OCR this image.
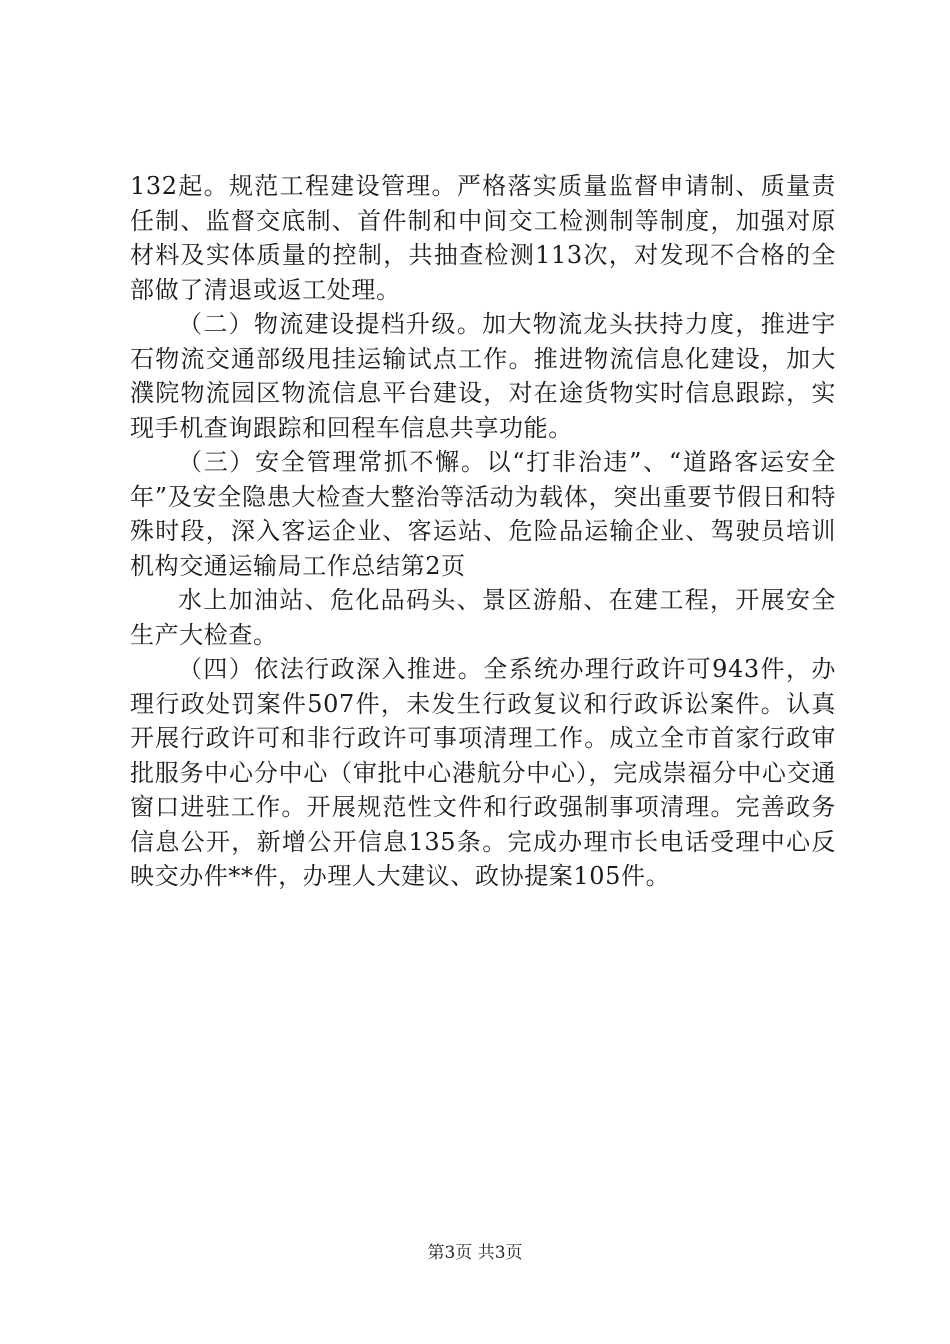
132起。规范工程建设管理。严格落实质量监督申请制、质量责任制、监督交底制、首件制和中间交工检测制等制度，加强对原材料及实体质量的控制，共抽查检测113次，对发现不合格的全部做了清退或返工处理。

（二）物流建设提档升级。加大物流龙头扶持力度，推进宇石物流交通部级甩挂运输试点工作。推进物流信息化建设，加大濮院物流园区物流信息平台建设，对在途货物实时信息跟踪，实现手机查询跟踪和回程车信息共享功能。

（三）安全管理常抓不懈。以“打非治违”、“道路客运安全年”及安全隐患大检查大整治等活动为载体，突出重要节假日和特殊时段，深入客运企业、客运站、危险品运输企业、驾驶员培训机构交通运输局工作总结第2页

水上加油站、危化品码头、景区游船、在建工程，开展安全生产大检查。

（四）依法行政深入推进。全系统办理行政许可943件，办理行政处罚案件507件，未发生行政复议和行政诉讼案件。认真开展行政许可和非行政许可事项清理工作。成立全市首家行政审批服务中心分中心（审批中心港航分中心），完成崇福分中心交通窗口进驻工作。开展规范性文件和行政强制事项清理。完善政务信息公开，新增公开信息135条。完成办理市长电话受理中心反映交办件**件，办理人大建议、政协提案105件。

第3页 共3页
